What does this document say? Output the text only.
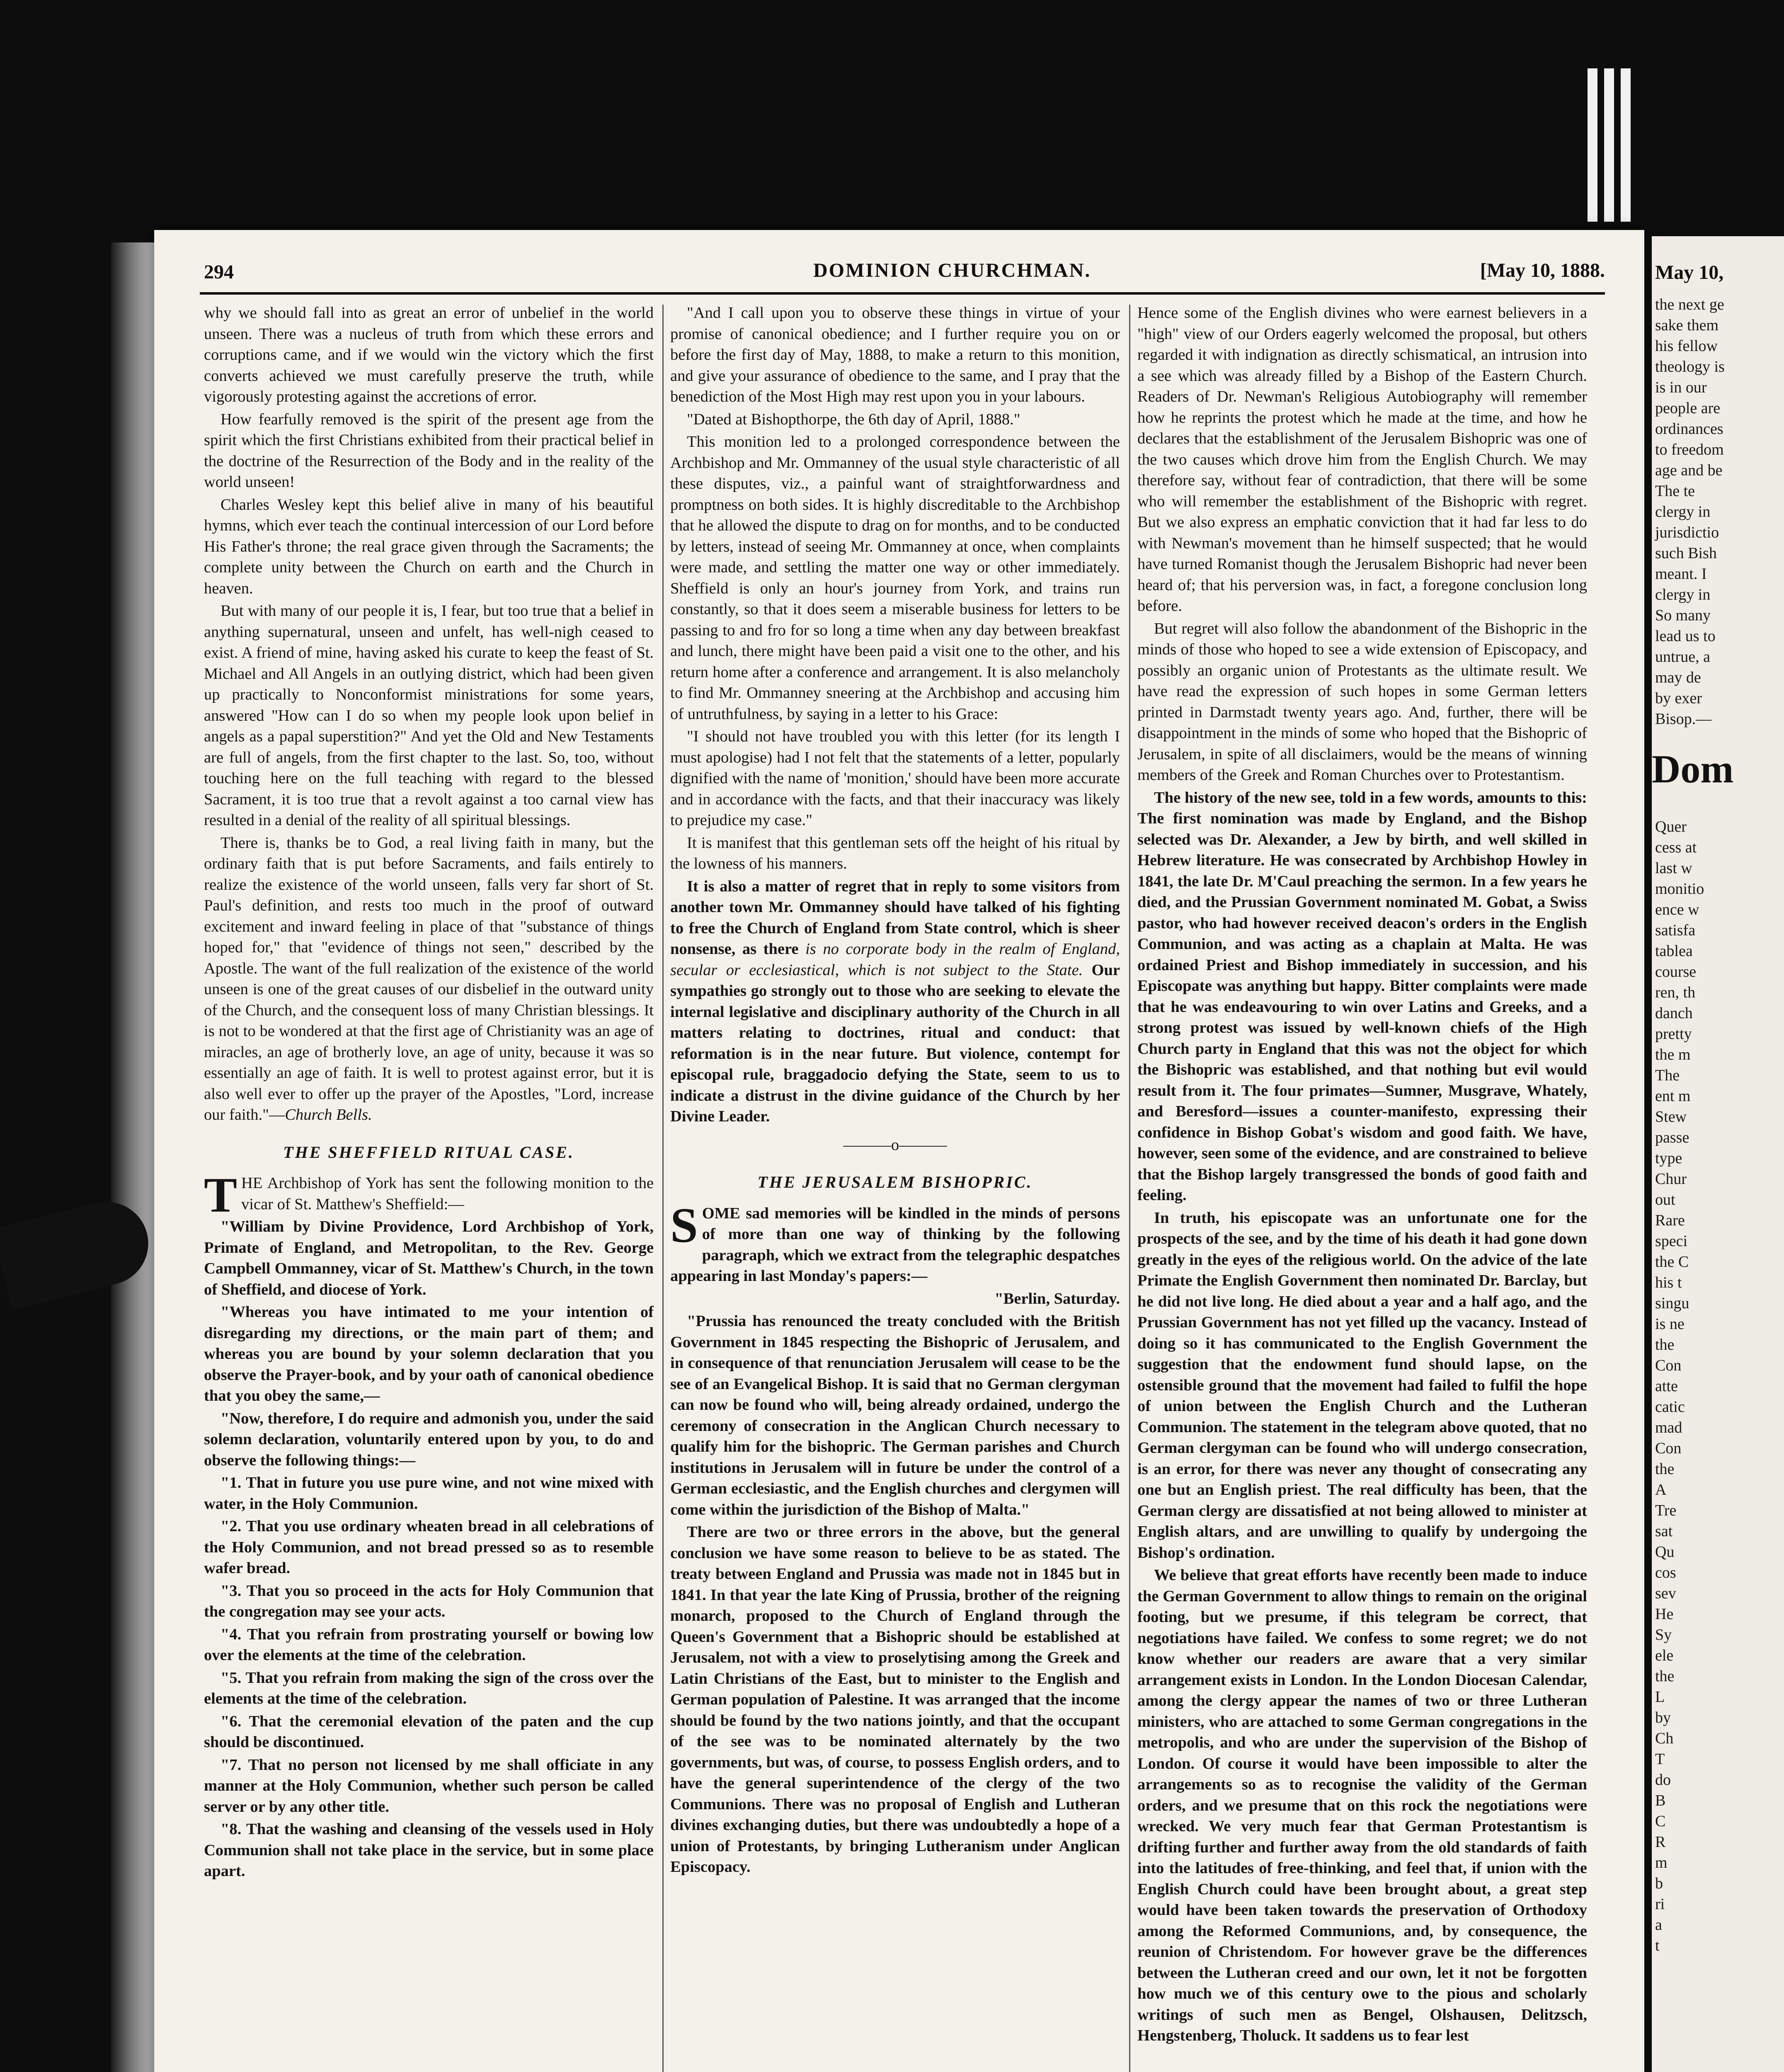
294	DOMINION CHURCHMAN.	[May 10, 1888.

why we should fall into as great an error of unbelief in the world unseen. There was a nucleus of truth from which these errors and corruptions came, and if we would win the victory which the first converts achieved we must carefully preserve the truth, while vigorously protesting against the accretions of error.

How fearfully removed is the spirit of the present age from the spirit which the first Christians exhibited from their practical belief in the doctrine of the Resurrection of the Body and in the reality of the world unseen!

Charles Wesley kept this belief alive in many of his beautiful hymns, which ever teach the continual intercession of our Lord before His Father's throne; the real grace given through the Sacraments; the complete unity between the Church on earth and the Church in heaven.

But with many of our people it is, I fear, but too true that a belief in anything supernatural, unseen and unfelt, has well-nigh ceased to exist. A friend of mine, having asked his curate to keep the feast of St. Michael and All Angels in an outlying district, which had been given up practically to Nonconformist ministrations for some years, answered "How can I do so when my people look upon belief in angels as a papal superstition?" And yet the Old and New Testaments are full of angels, from the first chapter to the last. So, too, without touching here on the full teaching with regard to the blessed Sacrament, it is too true that a revolt against a too carnal view has resulted in a denial of the reality of all spiritual blessings.

There is, thanks be to God, a real living faith in many, but the ordinary faith that is put before Sacraments, and fails entirely to realize the existence of the world unseen, falls very far short of St. Paul's definition, and rests too much in the proof of outward excitement and inward feeling in place of that "substance of things hoped for," that "evidence of things not seen," described by the Apostle. The want of the full realization of the existence of the world unseen is one of the great causes of our disbelief in the outward unity of the Church, and the consequent loss of many Christian blessings. It is not to be wondered at that the first age of Christianity was an age of miracles, an age of brotherly love, an age of unity, because it was so essentially an age of faith. It is well to protest against error, but it is also well ever to offer up the prayer of the Apostles, "Lord, increase our faith."—Church Bells.

THE SHEFFIELD RITUAL CASE.

THE Archbishop of York has sent the following monition to the vicar of St. Matthew's Sheffield:—

"William by Divine Providence, Lord Archbishop of York, Primate of England, and Metropolitan, to the Rev. George Campbell Ommanney, vicar of St. Matthew's Church, in the town of Sheffield, and diocese of York.

"Whereas you have intimated to me your intention of disregarding my directions, or the main part of them; and whereas you are bound by your solemn declaration that you observe the Prayer-book, and by your oath of canonical obedience that you obey the same,—

"Now, therefore, I do require and admonish you, under the said solemn declaration, voluntarily entered upon by you, to do and observe the following things:—

"1. That in future you use pure wine, and not wine mixed with water, in the Holy Communion.

"2. That you use ordinary wheaten bread in all celebrations of the Holy Communion, and not bread pressed so as to resemble wafer bread.

"3. That you so proceed in the acts for Holy Communion that the congregation may see your acts.

"4. That you refrain from prostrating yourself or bowing low over the elements at the time of the celebration.

"5. That you refrain from making the sign of the cross over the elements at the time of the celebration.

"6. That the ceremonial elevation of the paten and the cup should be discontinued.

"7. That no person not licensed by me shall officiate in any manner at the Holy Communion, whether such person be called server or by any other title.

"8. That the washing and cleansing of the vessels used in Holy Communion shall not take place in the service, but in some place apart.

"And I call upon you to observe these things in virtue of your promise of canonical obedience; and I further require you on or before the first day of May, 1888, to make a return to this monition, and give your assurance of obedience to the same, and I pray that the benediction of the Most High may rest upon you in your labours.

"Dated at Bishopthorpe, the 6th day of April, 1888."

This monition led to a prolonged correspondence between the Archbishop and Mr. Ommanney of the usual style characteristic of all these disputes, viz., a painful want of straightforwardness and promptness on both sides. It is highly discreditable to the Archbishop that he allowed the dispute to drag on for months, and to be conducted by letters, instead of seeing Mr. Ommanney at once, when complaints were made, and settling the matter one way or other immediately. Sheffield is only an hour's journey from York, and trains run constantly, so that it does seem a miserable business for letters to be passing to and fro for so long a time when any day between breakfast and lunch, there might have been paid a visit one to the other, and his return home after a conference and arrangement. It is also melancholy to find Mr. Ommanney sneering at the Archbishop and accusing him of untruthfulness, by saying in a letter to his Grace:

"I should not have troubled you with this letter (for its length I must apologise) had I not felt that the statements of a letter, popularly dignified with the name of 'monition,' should have been more accurate and in accordance with the facts, and that their inaccuracy was likely to prejudice my case."

It is manifest that this gentleman sets off the height of his ritual by the lowness of his manners.

It is also a matter of regret that in reply to some visitors from another town Mr. Ommanney should have talked of his fighting to free the Church of England from State control, which is sheer nonsense, as there is no corporate body in the realm of England, secular or ecclesiastical, which is not subject to the State. Our sympathies go strongly out to those who are seeking to elevate the internal legislative and disciplinary authority of the Church in all matters relating to doctrines, ritual and conduct: that reformation is in the near future. But violence, contempt for episcopal rule, braggadocio defying the State, seem to us to indicate a distrust in the divine guidance of the Church by her Divine Leader.

———o———

THE JERUSALEM BISHOPRIC.

SOME sad memories will be kindled in the minds of persons of more than one way of thinking by the following paragraph, which we extract from the telegraphic despatches appearing in last Monday's papers:—

"Berlin, Saturday.

"Prussia has renounced the treaty concluded with the British Government in 1845 respecting the Bishopric of Jerusalem, and in consequence of that renunciation Jerusalem will cease to be the see of an Evangelical Bishop. It is said that no German clergyman can now be found who will, being already ordained, undergo the ceremony of consecration in the Anglican Church necessary to qualify him for the bishopric. The German parishes and Church institutions in Jerusalem will in future be under the control of a German ecclesiastic, and the English churches and clergymen will come within the jurisdiction of the Bishop of Malta."

There are two or three errors in the above, but the general conclusion we have some reason to believe to be as stated. The treaty between England and Prussia was made not in 1845 but in 1841. In that year the late King of Prussia, brother of the reigning monarch, proposed to the Church of England through the Queen's Government that a Bishopric should be established at Jerusalem, not with a view to proselytising among the Greek and Latin Christians of the East, but to minister to the English and German population of Palestine. It was arranged that the income should be found by the two nations jointly, and that the occupant of the see was to be nominated alternately by the two governments, but was, of course, to possess English orders, and to have the general superintendence of the clergy of the two Communions. There was no proposal of English and Lutheran divines exchanging duties, but there was undoubtedly a hope of a union of Protestants, by bringing Lutheranism under Anglican Episcopacy.

Hence some of the English divines who were earnest believers in a "high" view of our Orders eagerly welcomed the proposal, but others regarded it with indignation as directly schismatical, an intrusion into a see which was already filled by a Bishop of the Eastern Church. Readers of Dr. Newman's Religious Autobiography will remember how he reprints the protest which he made at the time, and how he declares that the establishment of the Jerusalem Bishopric was one of the two causes which drove him from the English Church. We may therefore say, without fear of contradiction, that there will be some who will remember the establishment of the Bishopric with regret. But we also express an emphatic conviction that it had far less to do with Newman's movement than he himself suspected; that he would have turned Romanist though the Jerusalem Bishopric had never been heard of; that his perversion was, in fact, a foregone conclusion long before.

But regret will also follow the abandonment of the Bishopric in the minds of those who hoped to see a wide extension of Episcopacy, and possibly an organic union of Protestants as the ultimate result. We have read the expression of such hopes in some German letters printed in Darmstadt twenty years ago. And, further, there will be disappointment in the minds of some who hoped that the Bishopric of Jerusalem, in spite of all disclaimers, would be the means of winning members of the Greek and Roman Churches over to Protestantism.

The history of the new see, told in a few words, amounts to this: The first nomination was made by England, and the Bishop selected was Dr. Alexander, a Jew by birth, and well skilled in Hebrew literature. He was consecrated by Archbishop Howley in 1841, the late Dr. M'Caul preaching the sermon. In a few years he died, and the Prussian Government nominated M. Gobat, a Swiss pastor, who had however received deacon's orders in the English Communion, and was acting as a chaplain at Malta. He was ordained Priest and Bishop immediately in succession, and his Episcopate was anything but happy. Bitter complaints were made that he was endeavouring to win over Latins and Greeks, and a strong protest was issued by well-known chiefs of the High Church party in England that this was not the object for which the Bishopric was established, and that nothing but evil would result from it. The four primates—Sumner, Musgrave, Whately, and Beresford—issues a counter-manifesto, expressing their confidence in Bishop Gobat's wisdom and good faith. We have, however, seen some of the evidence, and are constrained to believe that the Bishop largely transgressed the bonds of good faith and feeling.

In truth, his episcopate was an unfortunate one for the prospects of the see, and by the time of his death it had gone down greatly in the eyes of the religious world. On the advice of the late Primate the English Government then nominated Dr. Barclay, but he did not live long. He died about a year and a half ago, and the Prussian Government has not yet filled up the vacancy. Instead of doing so it has communicated to the English Government the suggestion that the endowment fund should lapse, on the ostensible ground that the movement had failed to fulfil the hope of union between the English Church and the Lutheran Communion. The statement in the telegram above quoted, that no German clergyman can be found who will undergo consecration, is an error, for there was never any thought of consecrating any one but an English priest. The real difficulty has been, that the German clergy are dissatisfied at not being allowed to minister at English altars, and are unwilling to qualify by undergoing the Bishop's ordination.

We believe that great efforts have recently been made to induce the German Government to allow things to remain on the original footing, but we presume, if this telegram be correct, that negotiations have failed. We confess to some regret; we do not know whether our readers are aware that a very similar arrangement exists in London. In the London Diocesan Calendar, among the clergy appear the names of two or three Lutheran ministers, who are attached to some German congregations in the metropolis, and who are under the supervision of the Bishop of London. Of course it would have been impossible to alter the arrangements so as to recognise the validity of the German orders, and we presume that on this rock the negotiations were wrecked. We very much fear that German Protestantism is drifting further and further away from the old standards of faith into the latitudes of free-thinking, and feel that, if union with the English Church could have been brought about, a great step would have been taken towards the preservation of Orthodoxy among the Reformed Communions, and, by consequence, the reunion of Christendom. For however grave be the differences between the Lutheran creed and our own, let it not be forgotten how much we of this century owe to the pious and scholarly writings of such men as Bengel, Olshausen, Delitzsch, Hengstenberg, Tholuck. It saddens us to fear lest

May 10,
the next ge
sake them
his fellow
theology is
is in our
people are
ordinances
to freedom
age and be
The te
clergy in
jurisdictio
such Bish
meant. I
clergy in
So many
lead us to
untrue, a
may de
by exer
Bisop.—
Dom
Quer
cess at
last w
monitio
ence w
satisfa
tablea
course
ren, th
danch
pretty
the m
The
ent m
Stew
passe
type
Chur
out
Rare
speci
the C
his t
singu
is ne
the
Con
atte
catic
mad
Con
the
A
Tre
sat
Qu
cos
sev
He
Sy
ele
the
L
by
Ch
T
do
B
C
R
m
b
ri
a
t
